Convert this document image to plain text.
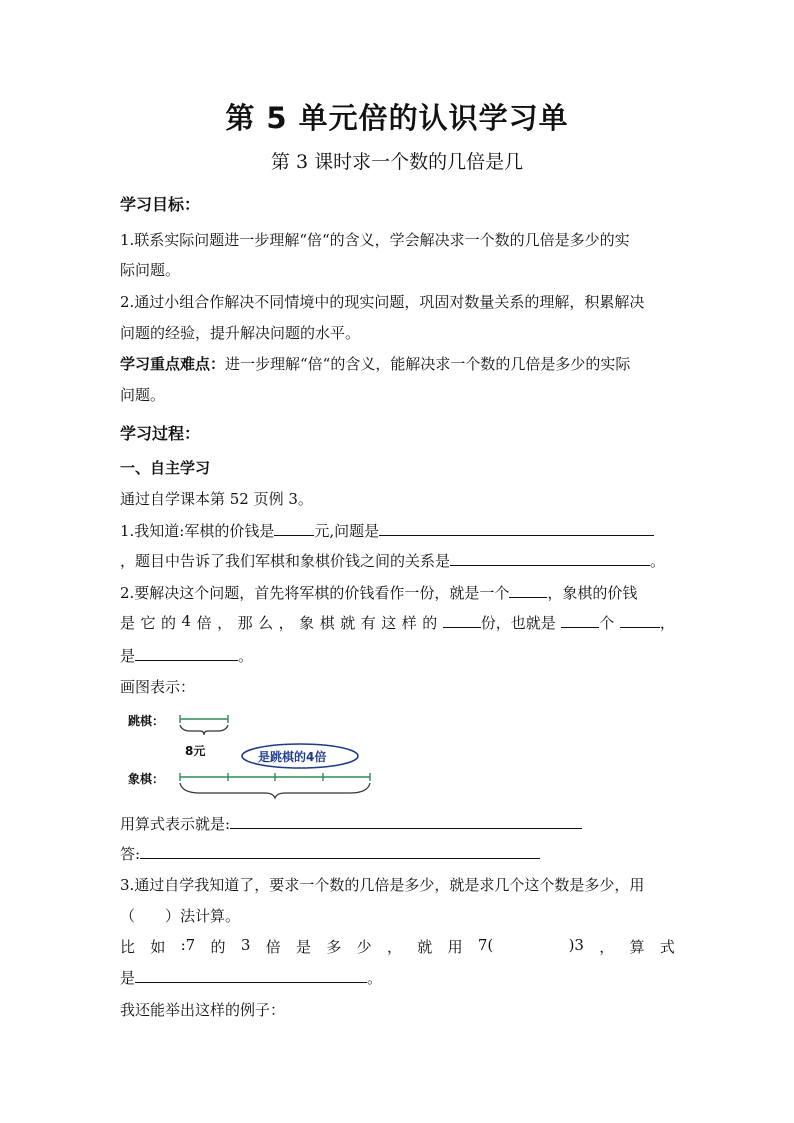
第 5 单元倍的认识学习单
第 3 课时求一个数的几倍是几
学习目标：
1.联系实际问题进一步理解“倍“的含义，学会解决求一个数的几倍是多少的实
际问题。
2.通过小组合作解决不同情境中的现实问题，巩固对数量关系的理解，积累解决
问题的经验，提升解决问题的水平。
学习重点难点：进一步理解“倍“的含义，能解决求一个数的几倍是多少的实际
问题。
学习过程：
一、自主学习
通过自学课本第 52 页例 3。
1.我知道:军棋的价钱是	元,问题是
，题目中告诉了我们军棋和象棋价钱之间的关系是	。
2.要解决这个问题，首先将军棋的价钱看作一份，就是一个	，象棋的价钱
是 它 的 4 倍 ， 那 么 ， 象 棋 就 有 这 样 的	份，也就是	个	，
是	。
画图表示：
跳棋：
8元	是跳棋的4倍
象棋：
用算式表示就是:
答:
3.通过自学我知道了，要求一个数的几倍是多少，就是求几个这个数是多少，用
（　　）法计算。
比 如 :7 的 3 倍 是 多 少 ， 就 用 7(	)3 ， 算 式
是	。
我还能举出这样的例子：
